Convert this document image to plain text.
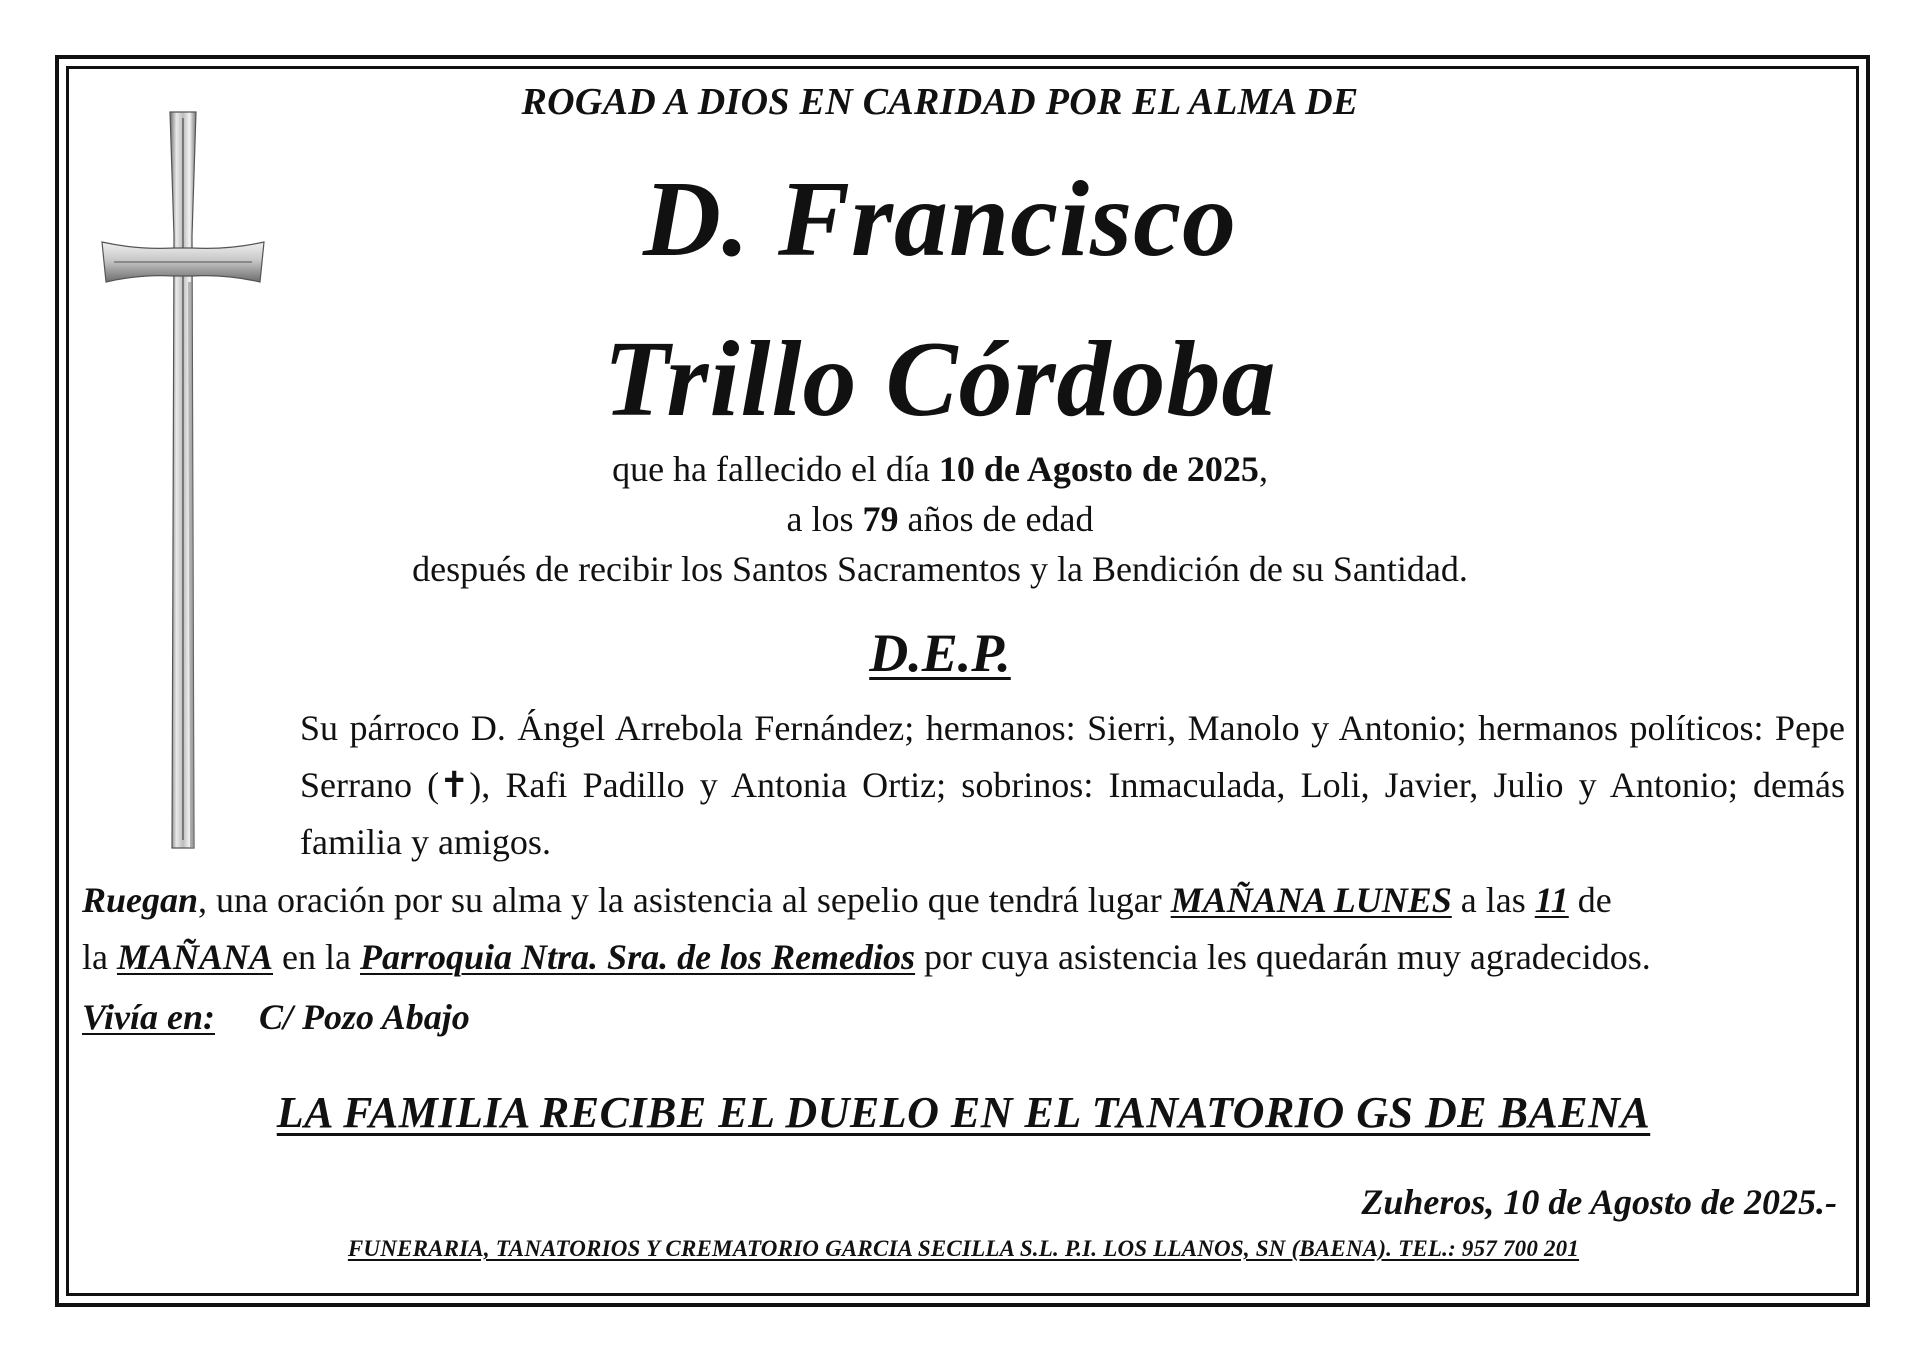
ROGAD A DIOS EN CARIDAD POR EL ALMA DE
D. Francisco
Trillo Córdoba
que ha fallecido el día 10 de Agosto de 2025,
a los 79 años de edad
después de recibir los Santos Sacramentos y la Bendición de su Santidad.
D.E.P.
Su párroco D. Ángel Arrebola Fernández; hermanos: Sierri, Manolo y Antonio; hermanos políticos: Pepe Serrano (✝), Rafi Padillo y Antonia Ortiz; sobrinos: Inmaculada, Loli, Javier, Julio y Antonio; demás familia y amigos.
Ruegan, una oración por su alma y la asistencia al sepelio que tendrá lugar MAÑANA LUNES a las 11 de
la MAÑANA en la Parroquia Ntra. Sra. de los Remedios por cuya asistencia les quedarán muy agradecidos.
Vivía en: C/ Pozo Abajo
LA FAMILIA RECIBE EL DUELO EN EL TANATORIO GS DE BAENA
Zuheros, 10 de Agosto de 2025.-
FUNERARIA, TANATORIOS Y CREMATORIO GARCIA SECILLA S.L. P.I. LOS LLANOS, SN (BAENA). TEL.: 957 700 201
